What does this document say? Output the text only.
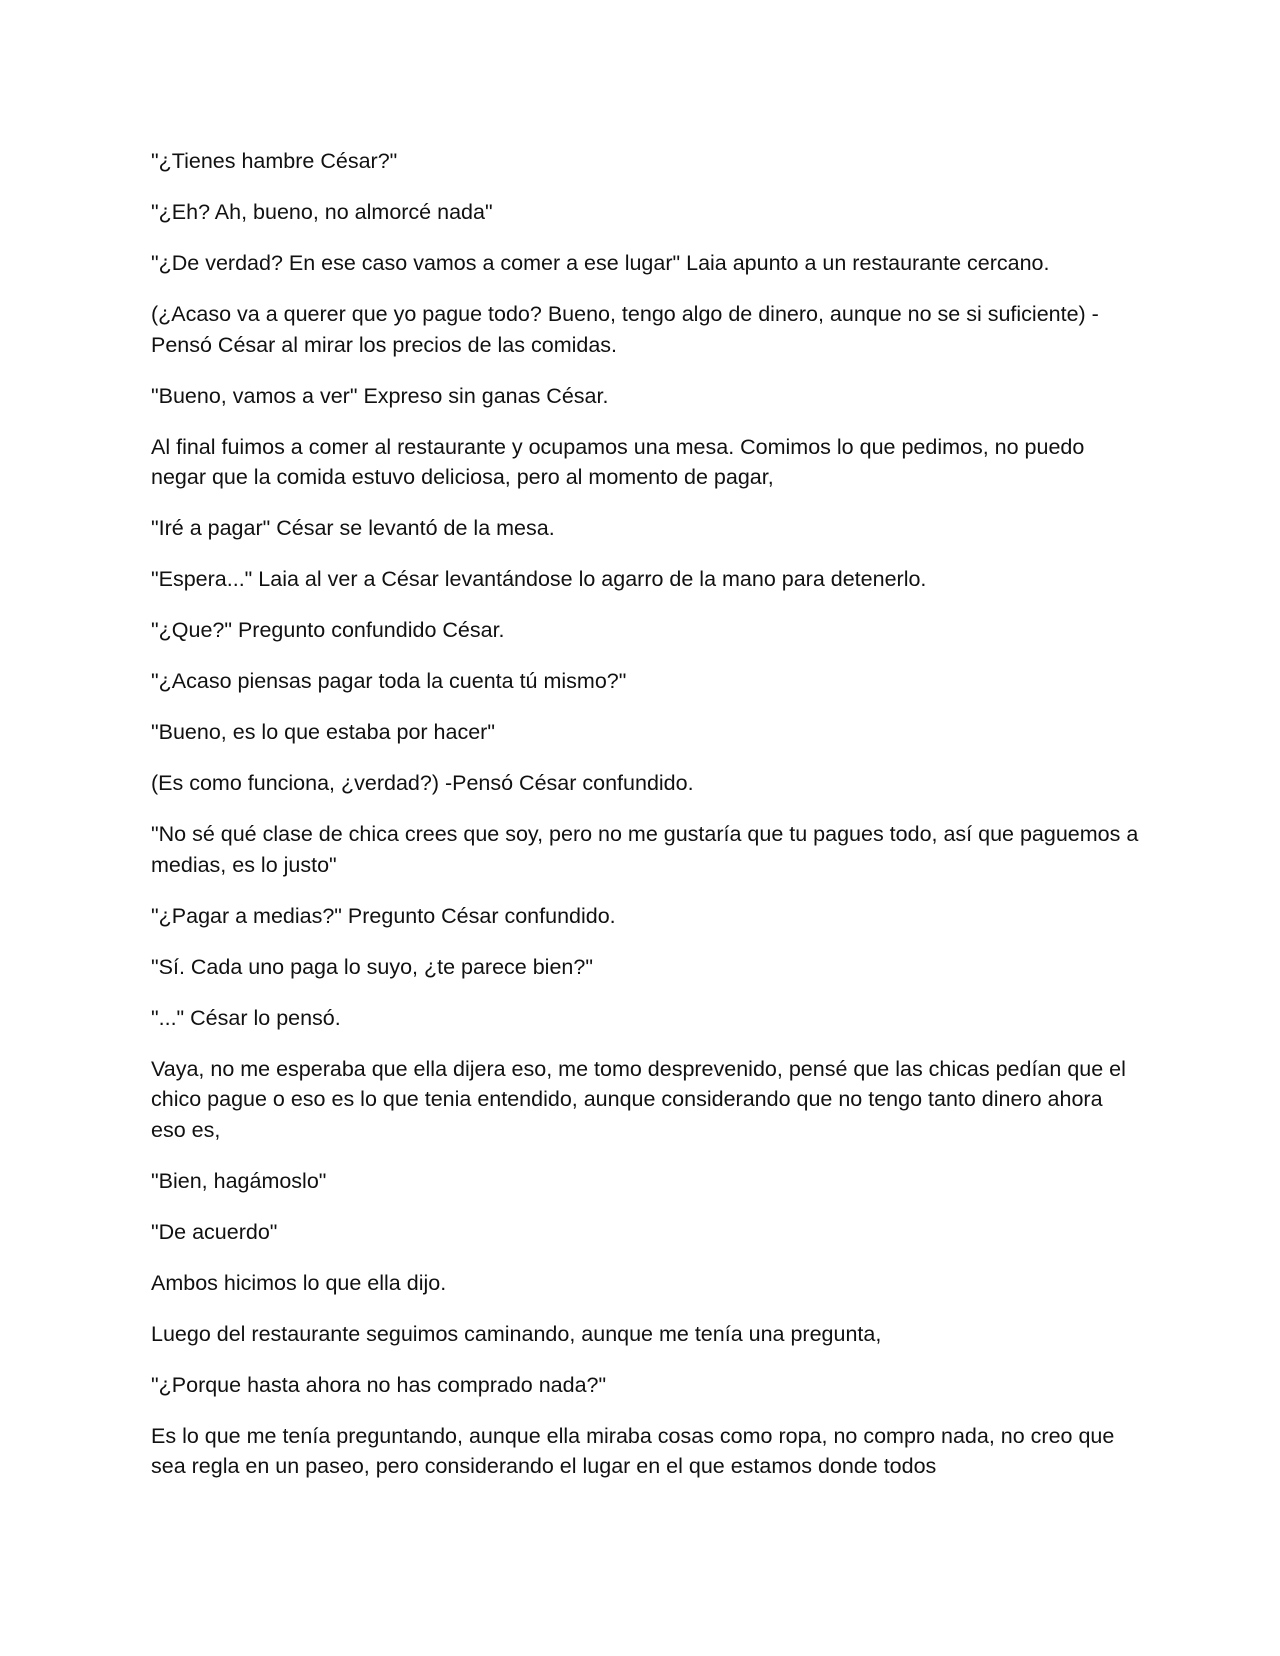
"¿Tienes hambre César?"

"¿Eh? Ah, bueno, no almorcé nada"

"¿De verdad? En ese caso vamos a comer a ese lugar" Laia apunto a un restaurante cercano.

(¿Acaso va a querer que yo pague todo? Bueno, tengo algo de dinero, aunque no se si suficiente) -Pensó César al mirar los precios de las comidas.

"Bueno, vamos a ver" Expreso sin ganas César.

Al final fuimos a comer al restaurante y ocupamos una mesa. Comimos lo que pedimos, no puedo negar que la comida estuvo deliciosa, pero al momento de pagar,

"Iré a pagar" César se levantó de la mesa.

"Espera..." Laia al ver a César levantándose lo agarro de la mano para detenerlo.

"¿Que?" Pregunto confundido César.

"¿Acaso piensas pagar toda la cuenta tú mismo?"

"Bueno, es lo que estaba por hacer"

(Es como funciona, ¿verdad?) -Pensó César confundido.

"No sé qué clase de chica crees que soy, pero no me gustaría que tu pagues todo, así que paguemos a medias, es lo justo"

"¿Pagar a medias?" Pregunto César confundido.

"Sí. Cada uno paga lo suyo, ¿te parece bien?"

"..." César lo pensó.

Vaya, no me esperaba que ella dijera eso, me tomo desprevenido, pensé que las chicas pedían que el chico pague o eso es lo que tenia entendido, aunque considerando que no tengo tanto dinero ahora eso es,

"Bien, hagámoslo"

"De acuerdo"

Ambos hicimos lo que ella dijo.

Luego del restaurante seguimos caminando, aunque me tenía una pregunta,

"¿Porque hasta ahora no has comprado nada?"

Es lo que me tenía preguntando, aunque ella miraba cosas como ropa, no compro nada, no creo que sea regla en un paseo, pero considerando el lugar en el que estamos donde todos
